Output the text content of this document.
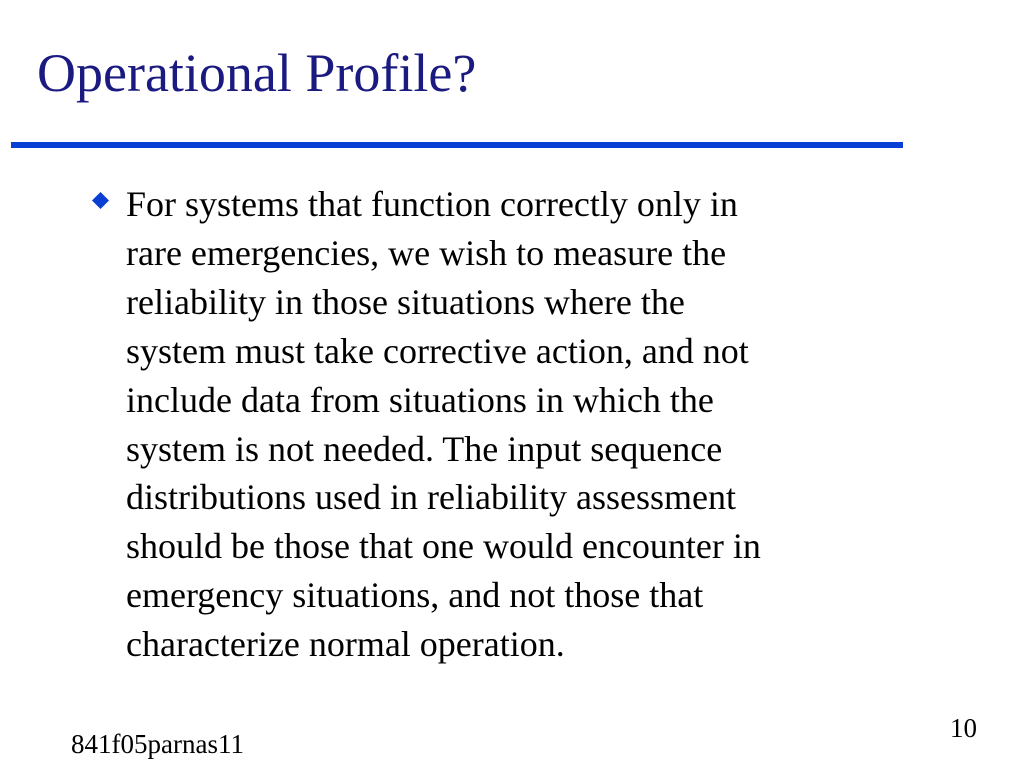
Operational Profile?

For systems that function correctly only in
rare emergencies, we wish to measure the
reliability in those situations where the
system must take corrective action, and not
include data from situations in which the
system is not needed. The input sequence
distributions used in reliability assessment
should be those that one would encounter in
emergency situations, and not those that
characterize normal operation.

841f05parnas11
10
